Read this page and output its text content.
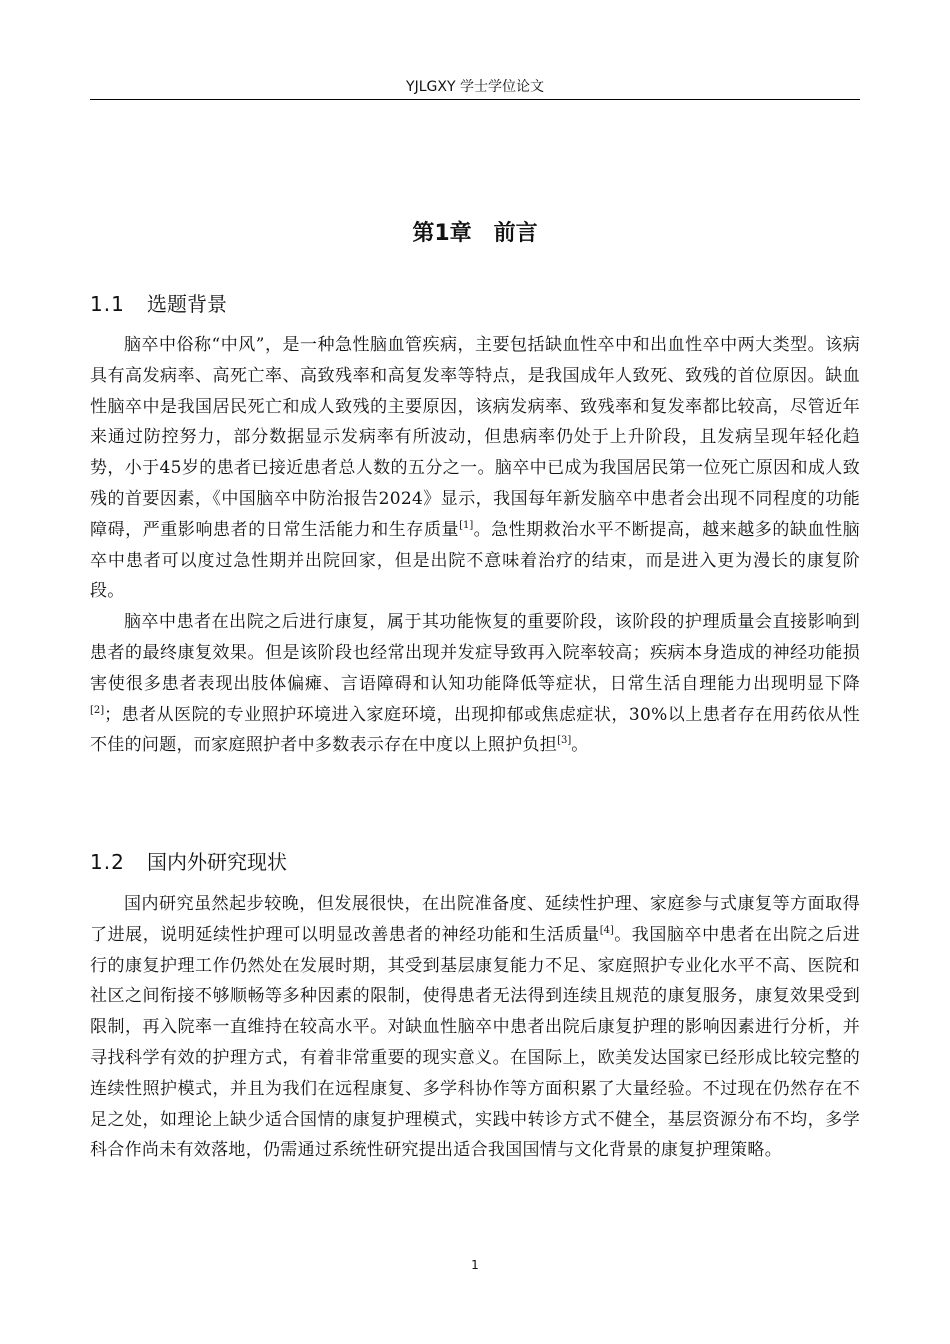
YJLGXY 学士学位论文
第1章　前言
1.1 选题背景

脑卒中俗称“中风”，是一种急性脑血管疾病，主要包括缺血性卒中和出血性卒中两大类型。该病具有高发病率、高死亡率、高致残率和高复发率等特点，是我国成年人致死、致残的首位原因。缺血性脑卒中是我国居民死亡和成人致残的主要原因，该病发病率、致残率和复发率都比较高，尽管近年来通过防控努力，部分数据显示发病率有所波动，但患病率仍处于上升阶段，且发病呈现年轻化趋势，小于45岁的患者已接近患者总人数的五分之一。脑卒中已成为我国居民第一位死亡原因和成人致残的首要因素，《中国脑卒中防治报告2024》显示，我国每年新发脑卒中患者会出现不同程度的功能障碍，严重影响患者的日常生活能力和生存质量[1]。急性期救治水平不断提高，越来越多的缺血性脑卒中患者可以度过急性期并出院回家，但是出院不意味着治疗的结束，而是进入更为漫长的康复阶段。

脑卒中患者在出院之后进行康复，属于其功能恢复的重要阶段，该阶段的护理质量会直接影响到患者的最终康复效果。但是该阶段也经常出现并发症导致再入院率较高；疾病本身造成的神经功能损害使很多患者表现出肢体偏瘫、言语障碍和认知功能降低等症状，日常生活自理能力出现明显下降[2]；患者从医院的专业照护环境进入家庭环境，出现抑郁或焦虑症状，30%以上患者存在用药依从性不佳的问题，而家庭照护者中多数表示存在中度以上照护负担[3]。

1.2 国内外研究现状

国内研究虽然起步较晚，但发展很快，在出院准备度、延续性护理、家庭参与式康复等方面取得了进展，说明延续性护理可以明显改善患者的神经功能和生活质量[4]。我国脑卒中患者在出院之后进行的康复护理工作仍然处在发展时期，其受到基层康复能力不足、家庭照护专业化水平不高、医院和社区之间衔接不够顺畅等多种因素的限制，使得患者无法得到连续且规范的康复服务，康复效果受到限制，再入院率一直维持在较高水平。对缺血性脑卒中患者出院后康复护理的影响因素进行分析，并寻找科学有效的护理方式，有着非常重要的现实意义。在国际上，欧美发达国家已经形成比较完整的连续性照护模式，并且为我们在远程康复、多学科协作等方面积累了大量经验。不过现在仍然存在不足之处，如理论上缺少适合国情的康复护理模式，实践中转诊方式不健全，基层资源分布不均，多学科合作尚未有效落地，仍需通过系统性研究提出适合我国国情与文化背景的康复护理策略。

1
